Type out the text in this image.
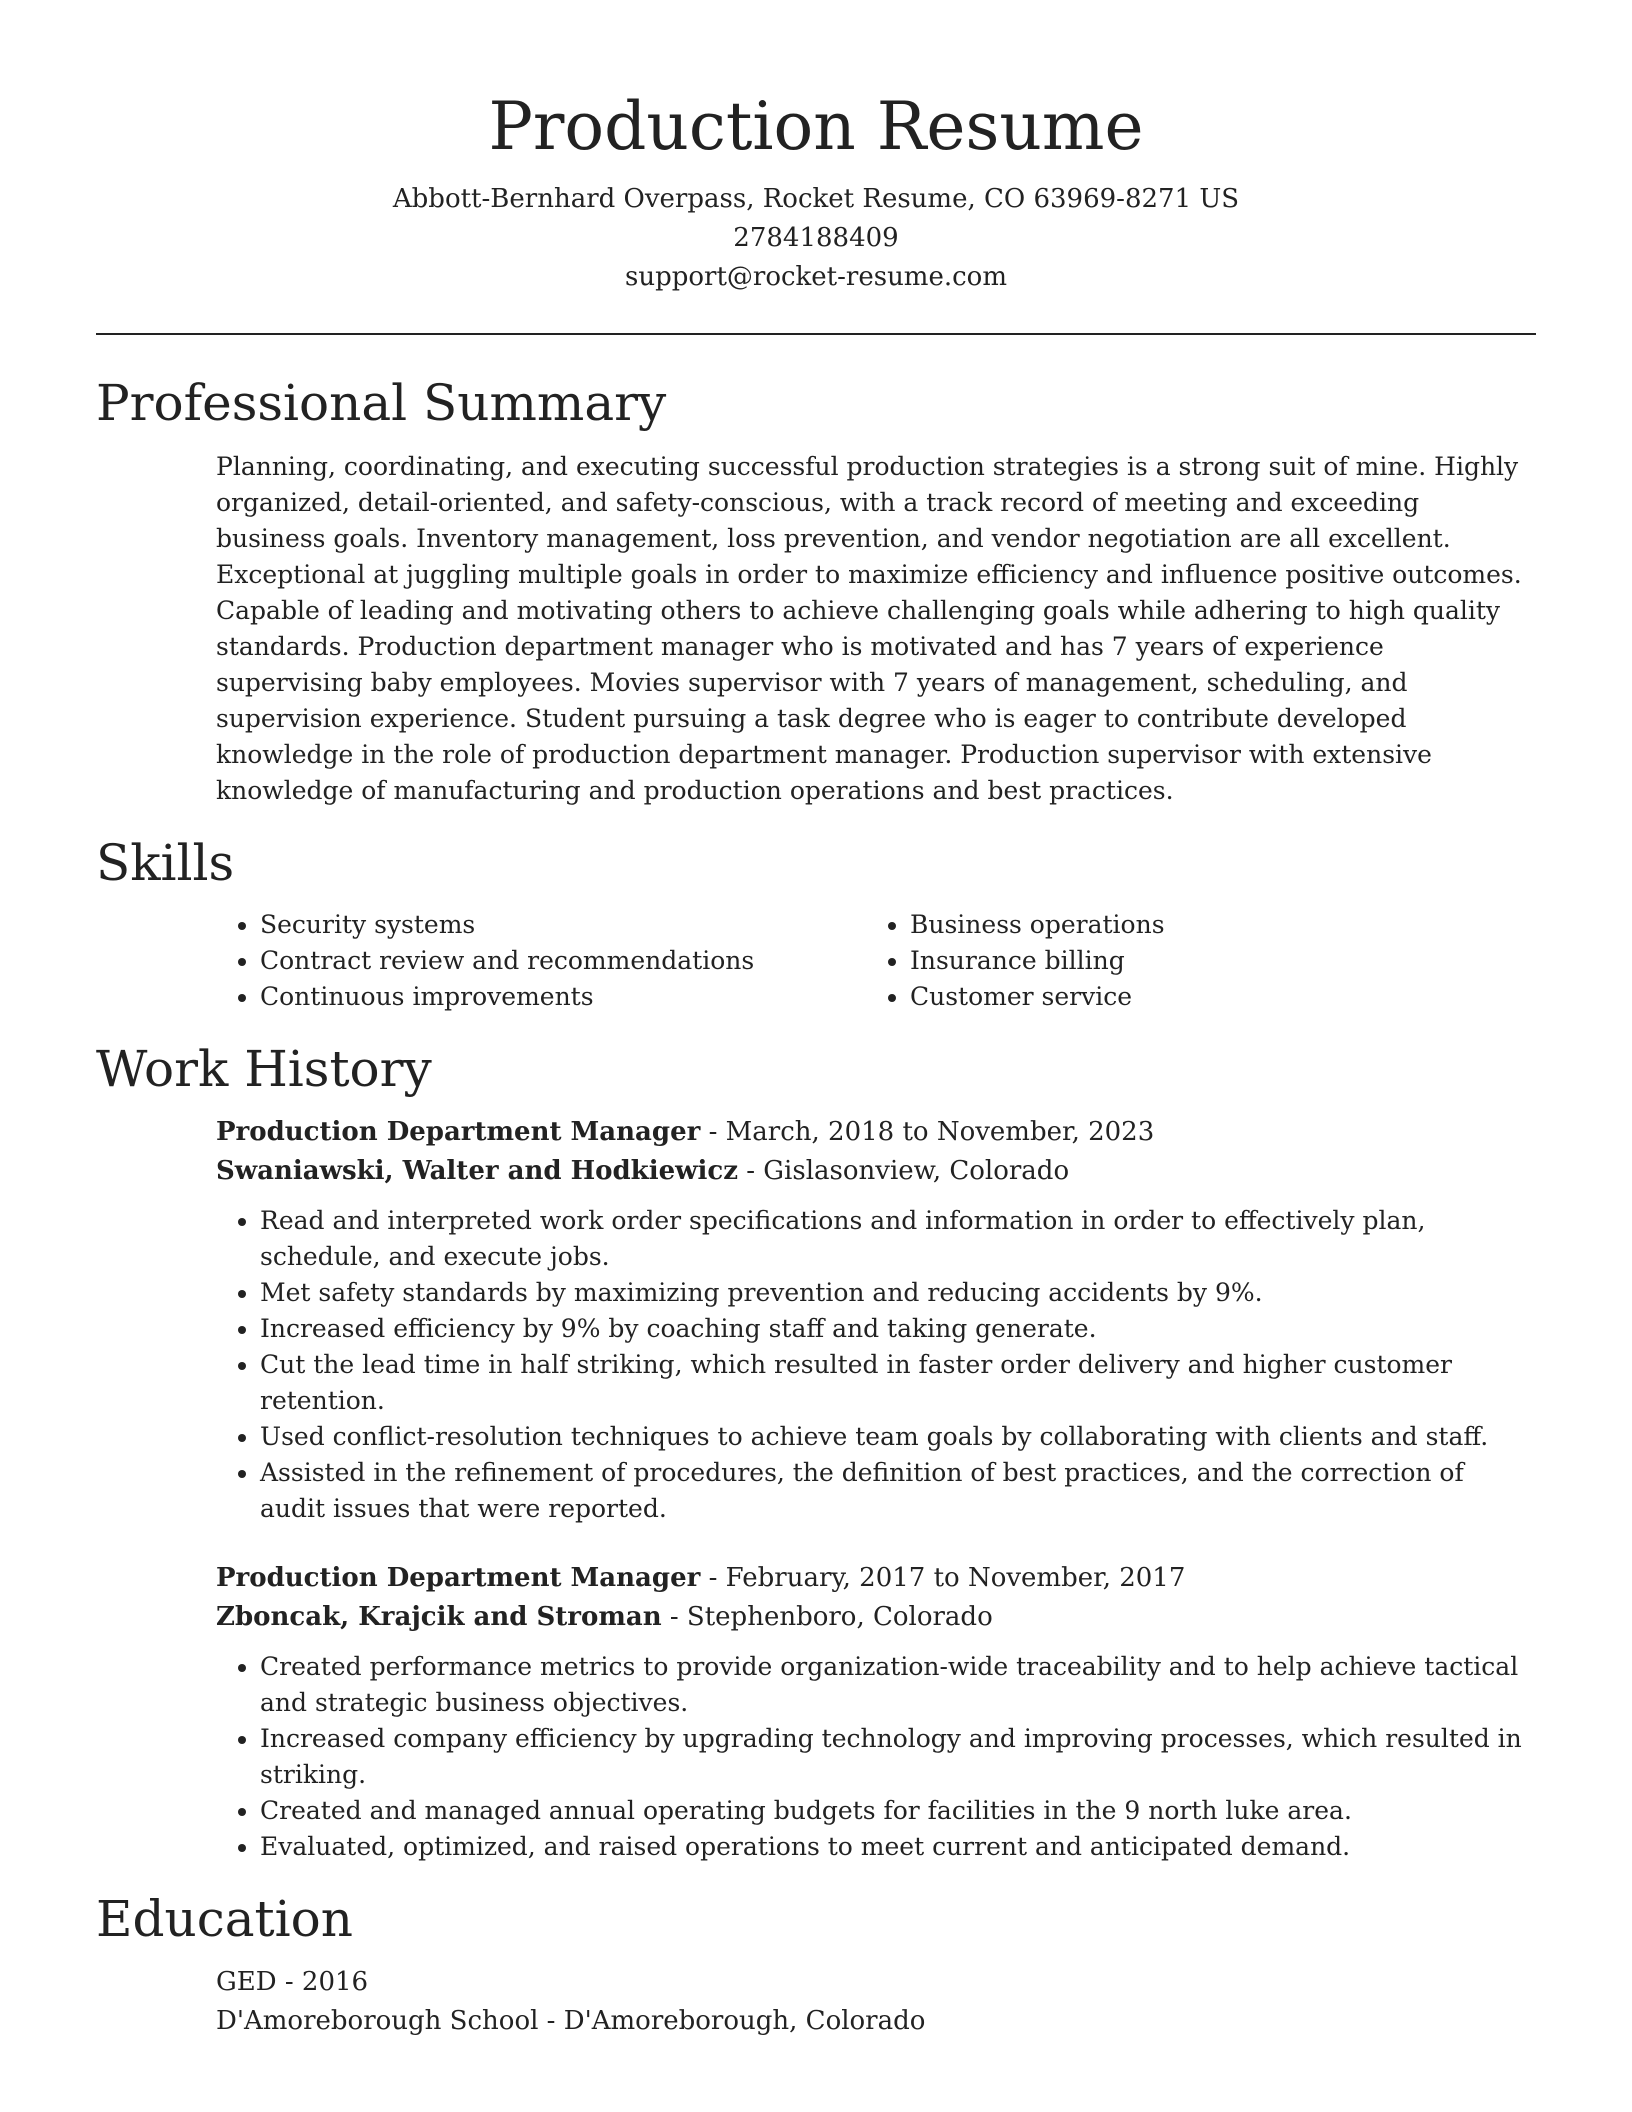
Production Resume
Abbott-Bernhard Overpass, Rocket Resume, CO 63969-8271 US
2784188409
support@rocket-resume.com
Professional Summary

Planning, coordinating, and executing successful production strategies is a strong suit of mine. Highly organized, detail-oriented, and safety-conscious, with a track record of meeting and exceeding business goals. Inventory management, loss prevention, and vendor negotiation are all excellent. Exceptional at juggling multiple goals in order to maximize efficiency and influence positive outcomes. Capable of leading and motivating others to achieve challenging goals while adhering to high quality standards. Production department manager who is motivated and has 7 years of experience supervising baby employees. Movies supervisor with 7 years of management, scheduling, and supervision experience. Student pursuing a task degree who is eager to contribute developed knowledge in the role of production department manager. Production supervisor with extensive knowledge of manufacturing and production operations and best practices.

Skills
• Security systems
• Contract review and recommendations
• Continuous improvements
• Business operations
• Insurance billing
• Customer service
Work History
Production Department Manager - March, 2018 to November, 2023
Swaniawski, Walter and Hodkiewicz - Gislasonview, Colorado
• Read and interpreted work order specifications and information in order to effectively plan, schedule, and execute jobs.
• Met safety standards by maximizing prevention and reducing accidents by 9%.
• Increased efficiency by 9% by coaching staff and taking generate.
• Cut the lead time in half striking, which resulted in faster order delivery and higher customer retention.
• Used conflict-resolution techniques to achieve team goals by collaborating with clients and staff.
• Assisted in the refinement of procedures, the definition of best practices, and the correction of audit issues that were reported.
Production Department Manager - February, 2017 to November, 2017
Zboncak, Krajcik and Stroman - Stephenboro, Colorado
• Created performance metrics to provide organization-wide traceability and to help achieve tactical and strategic business objectives.
• Increased company efficiency by upgrading technology and improving processes, which resulted in striking.
• Created and managed annual operating budgets for facilities in the 9 north luke area.
• Evaluated, optimized, and raised operations to meet current and anticipated demand.
Education
GED - 2016
D'Amoreborough School - D'Amoreborough, Colorado
